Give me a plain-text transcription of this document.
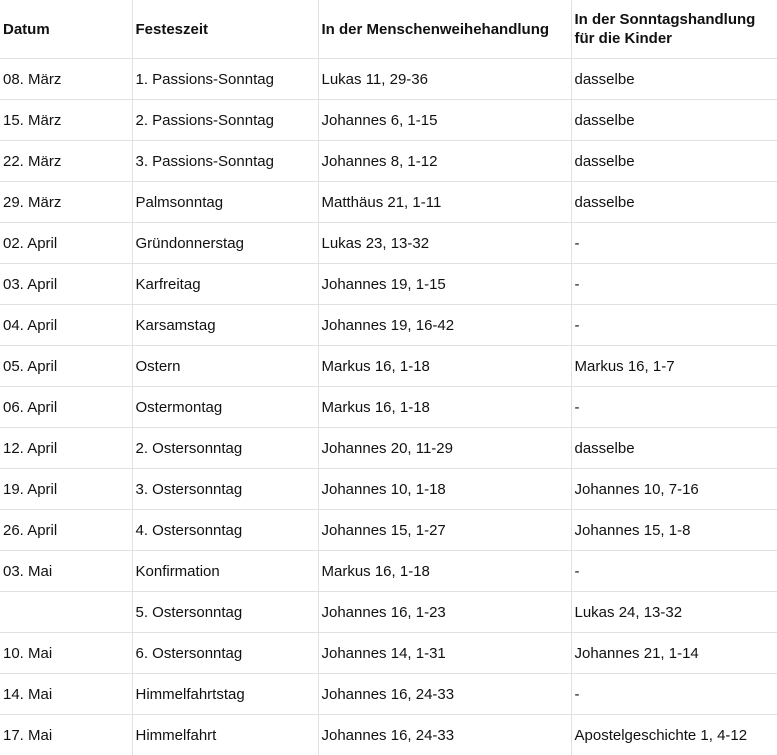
Datum	Festeszeit	In der Menschenweihehandlung	In der Sonntagshandlung für die Kinder
08. März	1. Passions-Sonntag	Lukas 11, 29-36	dasselbe
15. März	2. Passions-Sonntag	Johannes 6, 1-15	dasselbe
22. März	3. Passions-Sonntag	Johannes 8, 1-12	dasselbe
29. März	Palmsonntag	Matthäus 21, 1-11	dasselbe
02. April	Gründonnerstag	Lukas 23, 13-32	-
03. April	Karfreitag	Johannes 19, 1-15	-
04. April	Karsamstag	Johannes 19, 16-42	-
05. April	Ostern	Markus 16, 1-18	Markus 16, 1-7
06. April	Ostermontag	Markus 16, 1-18	-
12. April	2. Ostersonntag	Johannes 20, 11-29	dasselbe
19. April	3. Ostersonntag	Johannes 10, 1-18	Johannes 10, 7-16
26. April	4. Ostersonntag	Johannes 15, 1-27	Johannes 15, 1-8
03. Mai	Konfirmation	Markus 16, 1-18	-
	5. Ostersonntag	Johannes 16, 1-23	Lukas 24, 13-32
10. Mai	6. Ostersonntag	Johannes 14, 1-31	Johannes 21, 1-14
14. Mai	Himmelfahrtstag	Johannes 16, 24-33	-
17. Mai	Himmelfahrt	Johannes 16, 24-33	Apostelgeschichte 1, 4-12
